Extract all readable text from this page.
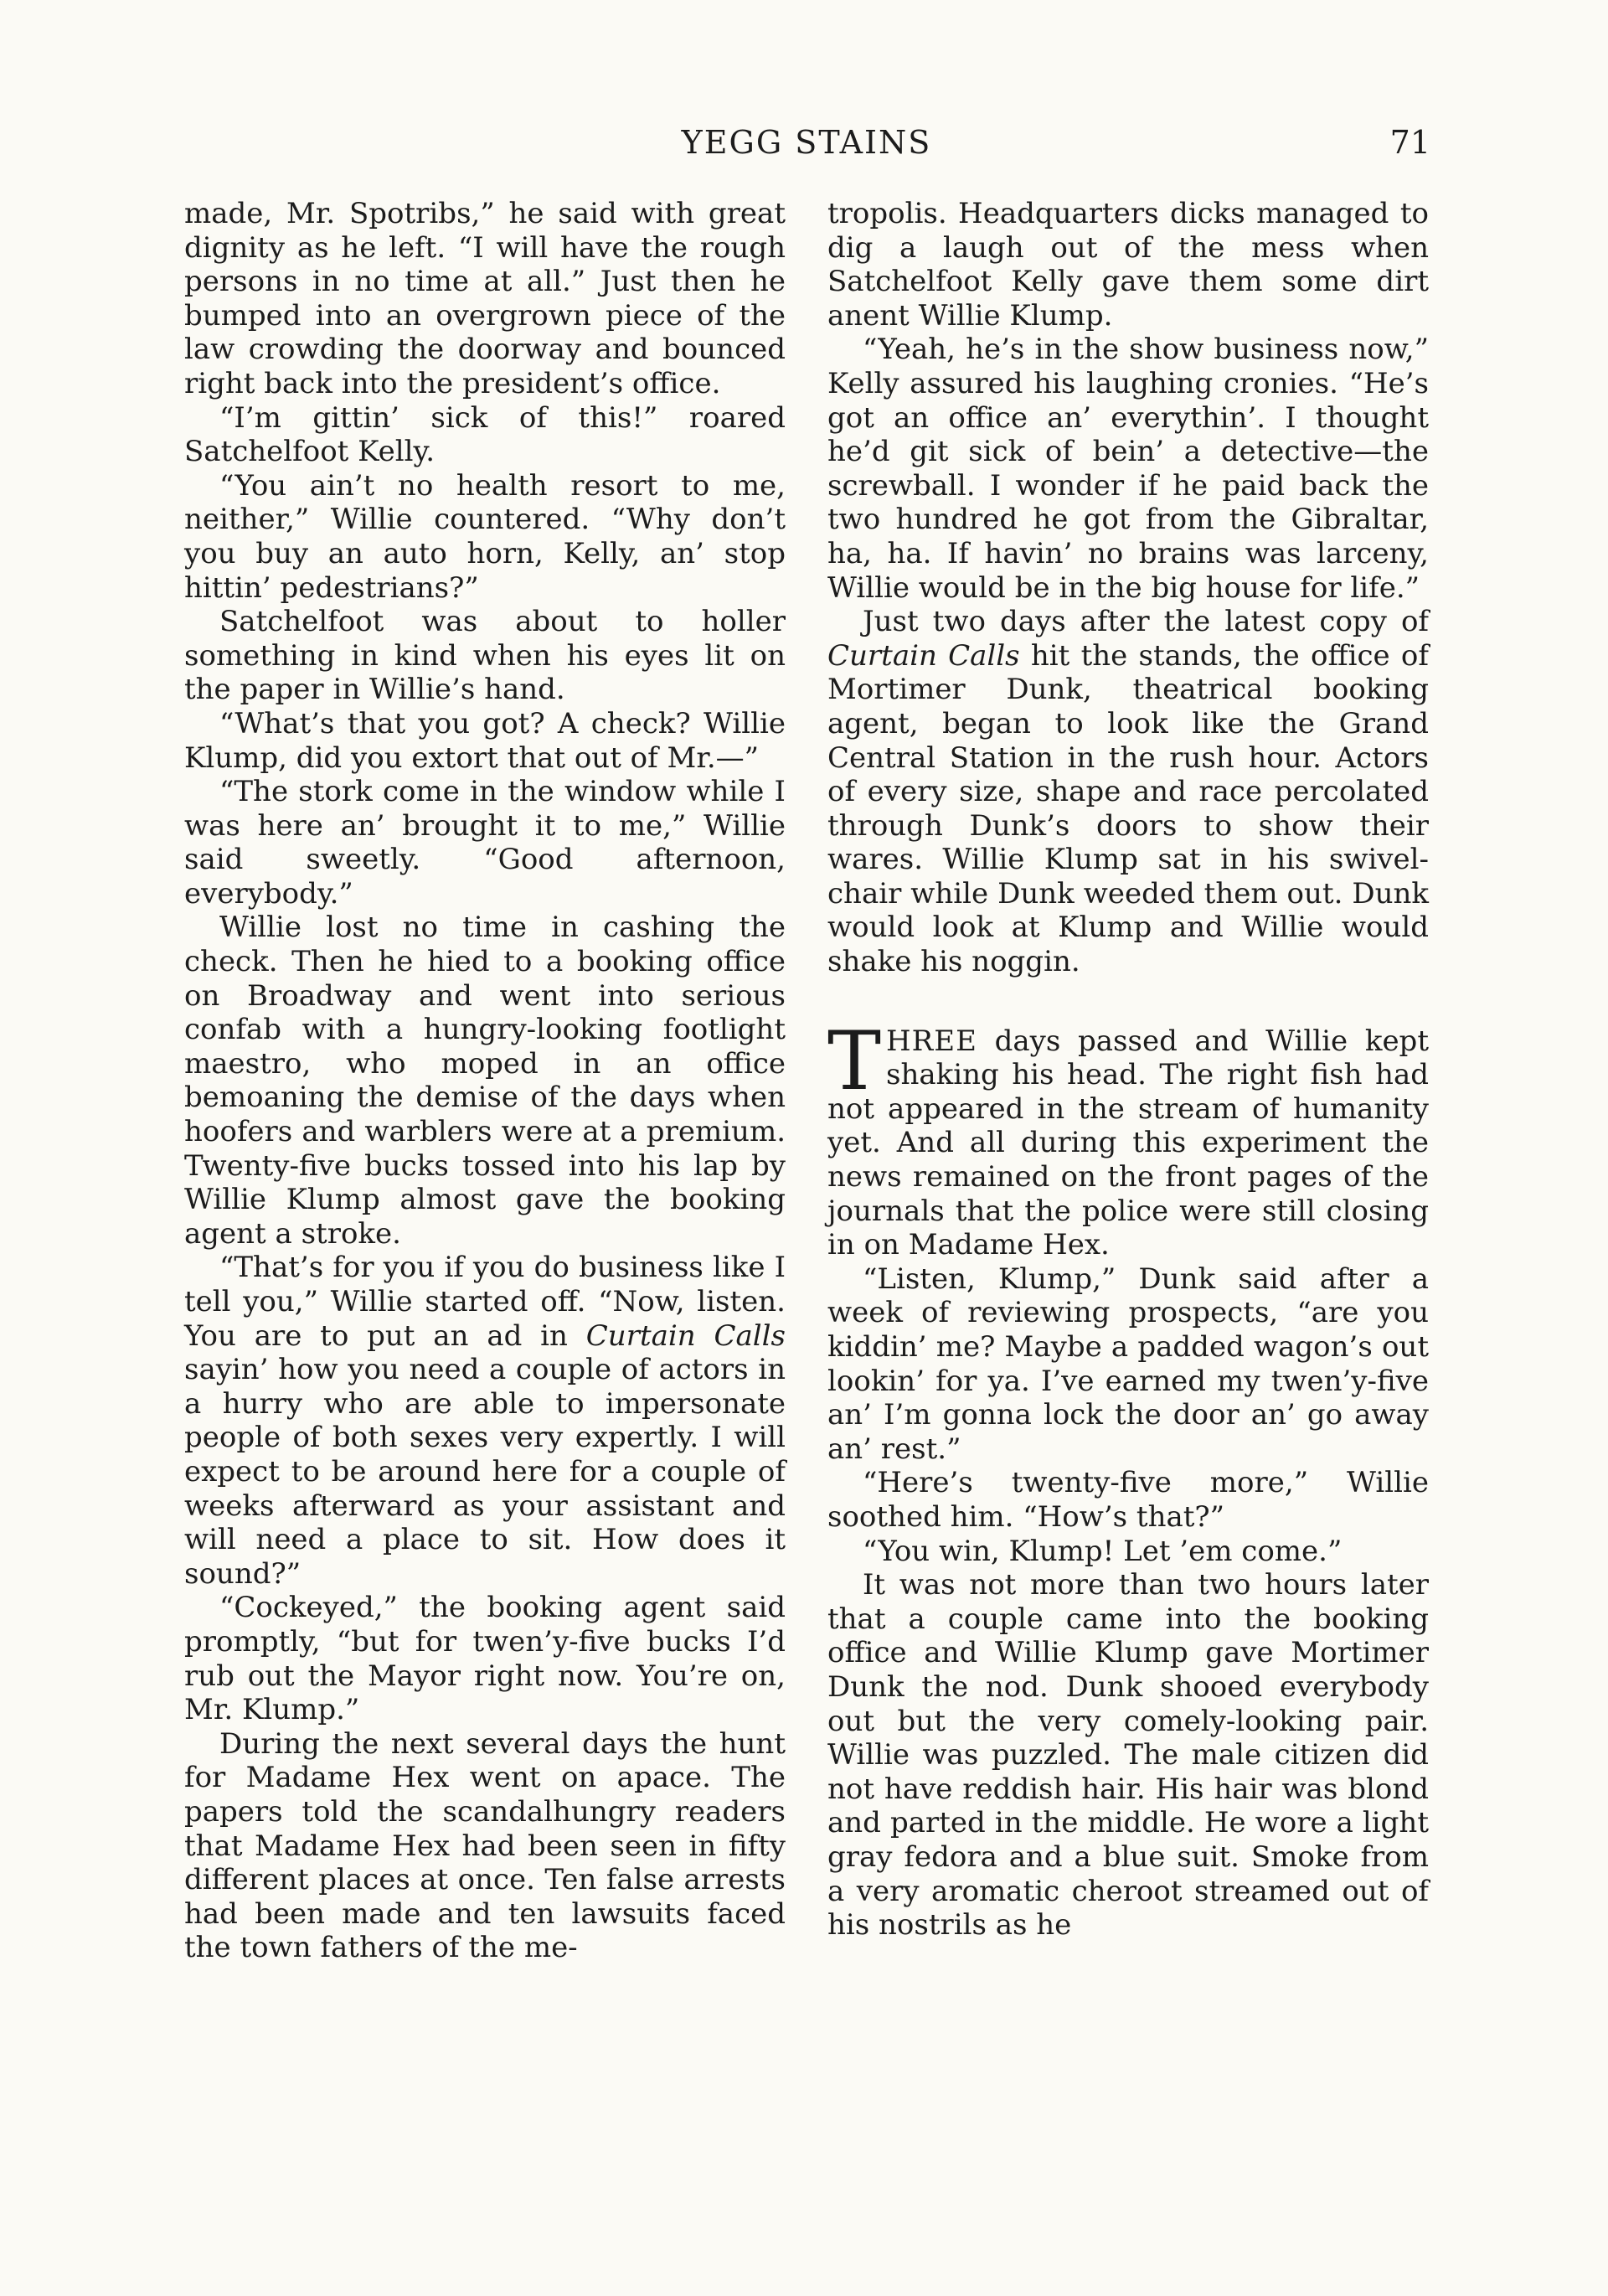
YEGG STAINS	71

made, Mr. Spotribs,” he said with great dignity as he left. “I will have the rough persons in no time at all.” Just then he bumped into an overgrown piece of the law crowding the doorway and bounced right back into the president’s office.

“I’m gittin’ sick of this!” roared Satchelfoot Kelly.

“You ain’t no health resort to me, neither,” Willie countered. “Why don’t you buy an auto horn, Kelly, an’ stop hittin’ pedestrians?”

Satchelfoot was about to holler something in kind when his eyes lit on the paper in Willie’s hand.

“What’s that you got? A check? Willie Klump, did you extort that out of Mr.—”

“The stork come in the window while I was here an’ brought it to me,” Willie said sweetly. “Good afternoon, everybody.”

Willie lost no time in cashing the check. Then he hied to a booking office on Broadway and went into serious confab with a hungry-looking footlight maestro, who moped in an office bemoaning the demise of the days when hoofers and warblers were at a premium. Twenty-five bucks tossed into his lap by Willie Klump almost gave the booking agent a stroke.

“That’s for you if you do business like I tell you,” Willie started off. “Now, listen. You are to put an ad in Curtain Calls sayin’ how you need a couple of actors in a hurry who are able to impersonate people of both sexes very expertly. I will expect to be around here for a couple of weeks afterward as your assistant and will need a place to sit. How does it sound?”

“Cockeyed,” the booking agent said promptly, “but for twen’y-five bucks I’d rub out the Mayor right now. You’re on, Mr. Klump.”

During the next several days the hunt for Madame Hex went on apace. The papers told the scandalhungry readers that Madame Hex had been seen in fifty different places at once. Ten false arrests had been made and ten lawsuits faced the town fathers of the me-

tropolis. Headquarters dicks managed to dig a laugh out of the mess when Satchelfoot Kelly gave them some dirt anent Willie Klump.

“Yeah, he’s in the show business now,” Kelly assured his laughing cronies. “He’s got an office an’ everythin’. I thought he’d git sick of bein’ a detective—the screwball. I wonder if he paid back the two hundred he got from the Gibraltar, ha, ha. If havin’ no brains was larceny, Willie would be in the big house for life.”

Just two days after the latest copy of Curtain Calls hit the stands, the office of Mortimer Dunk, theatrical booking agent, began to look like the Grand Central Station in the rush hour. Actors of every size, shape and race percolated through Dunk’s doors to show their wares. Willie Klump sat in his swivel-chair while Dunk weeded them out. Dunk would look at Klump and Willie would shake his noggin.

THREE days passed and Willie kept shaking his head. The right fish had not appeared in the stream of humanity yet. And all during this experiment the news remained on the front pages of the journals that the police were still closing in on Madame Hex.

“Listen, Klump,” Dunk said after a week of reviewing prospects, “are you kiddin’ me? Maybe a padded wagon’s out lookin’ for ya. I’ve earned my twen’y-five an’ I’m gonna lock the door an’ go away an’ rest.”

“Here’s twenty-five more,” Willie soothed him. “How’s that?”

“You win, Klump! Let ’em come.”

It was not more than two hours later that a couple came into the booking office and Willie Klump gave Mortimer Dunk the nod. Dunk shooed everybody out but the very comely-looking pair. Willie was puzzled. The male citizen did not have reddish hair. His hair was blond and parted in the middle. He wore a light gray fedora and a blue suit. Smoke from a very aromatic cheroot streamed out of his nostrils as he
